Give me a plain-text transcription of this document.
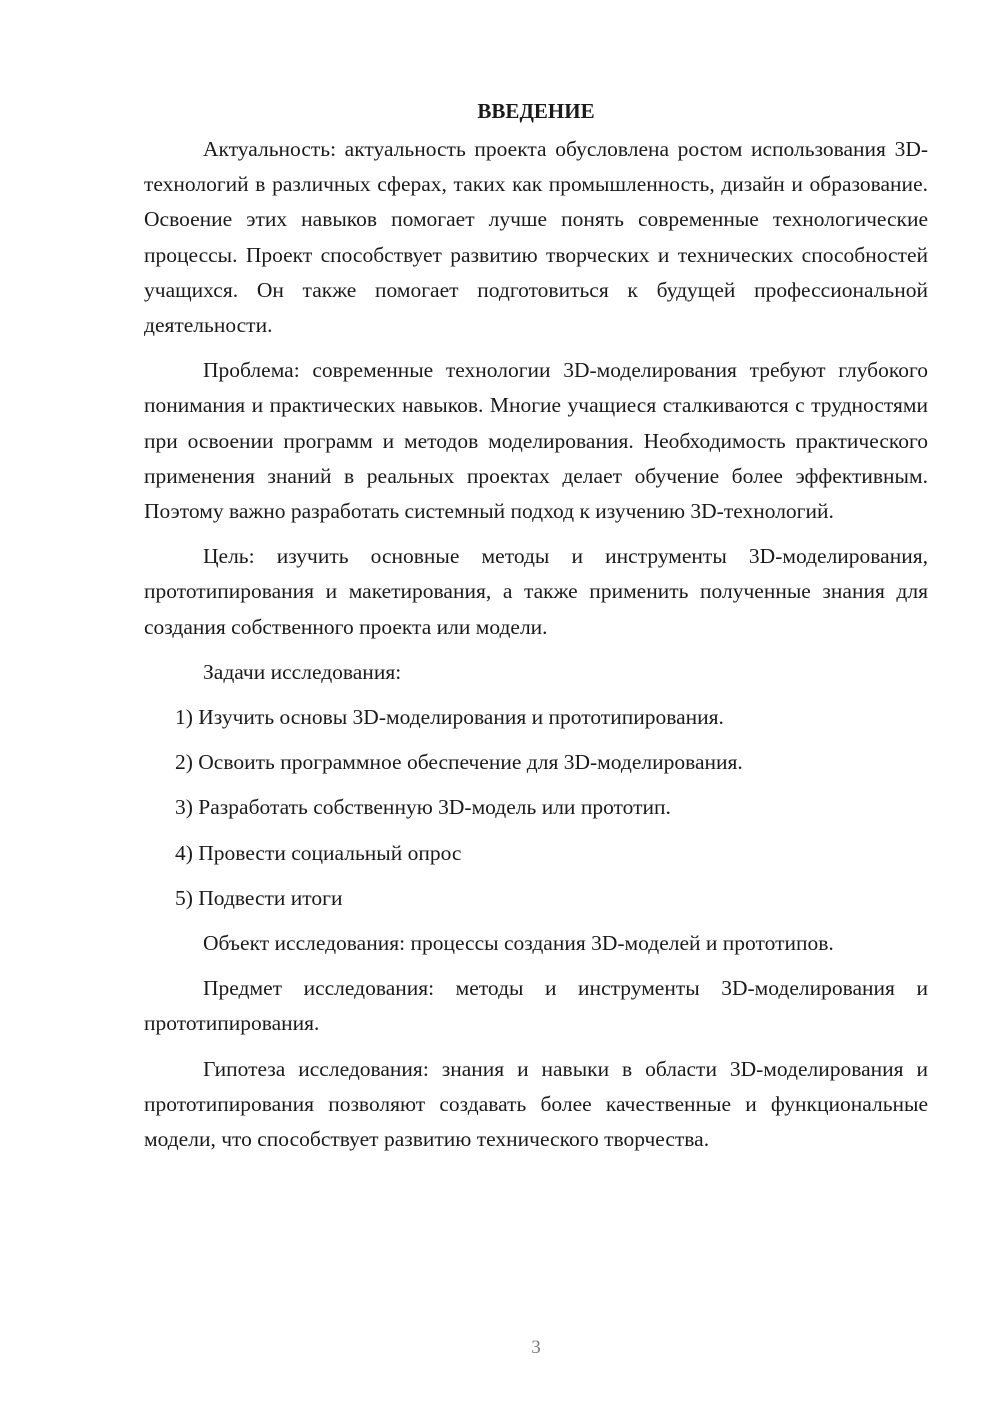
ВВЕДЕНИЕ

Актуальность: актуальность проекта обусловлена ростом использования 3D-технологий в различных сферах, таких как промышленность, дизайн и образование. Освоение этих навыков помогает лучше понять современные технологические процессы. Проект способствует развитию творческих и технических способностей учащихся. Он также помогает подготовиться к будущей профессиональной деятельности.

Проблема: современные технологии 3D-моделирования требуют глубокого понимания и практических навыков. Многие учащиеся сталкиваются с трудностями при освоении программ и методов моделирования. Необходимость практического применения знаний в реальных проектах делает обучение более эффективным. Поэтому важно разработать системный подход к изучению 3D-технологий.

Цель: изучить основные методы и инструменты 3D-моделирования, прототипирования и макетирования, а также применить полученные знания для создания собственного проекта или модели.

Задачи исследования:

1) Изучить основы 3D-моделирования и прототипирования.

2) Освоить программное обеспечение для 3D-моделирования.

3) Разработать собственную 3D-модель или прототип.

4) Провести социальный опрос

5) Подвести итоги

Объект исследования: процессы создания 3D-моделей и прототипов.

Предмет исследования: методы и инструменты 3D-моделирования и прототипирования.

Гипотеза исследования: знания и навыки в области 3D-моделирования и прототипирования позволяют создавать более качественные и функциональные модели, что способствует развитию технического творчества.

3
